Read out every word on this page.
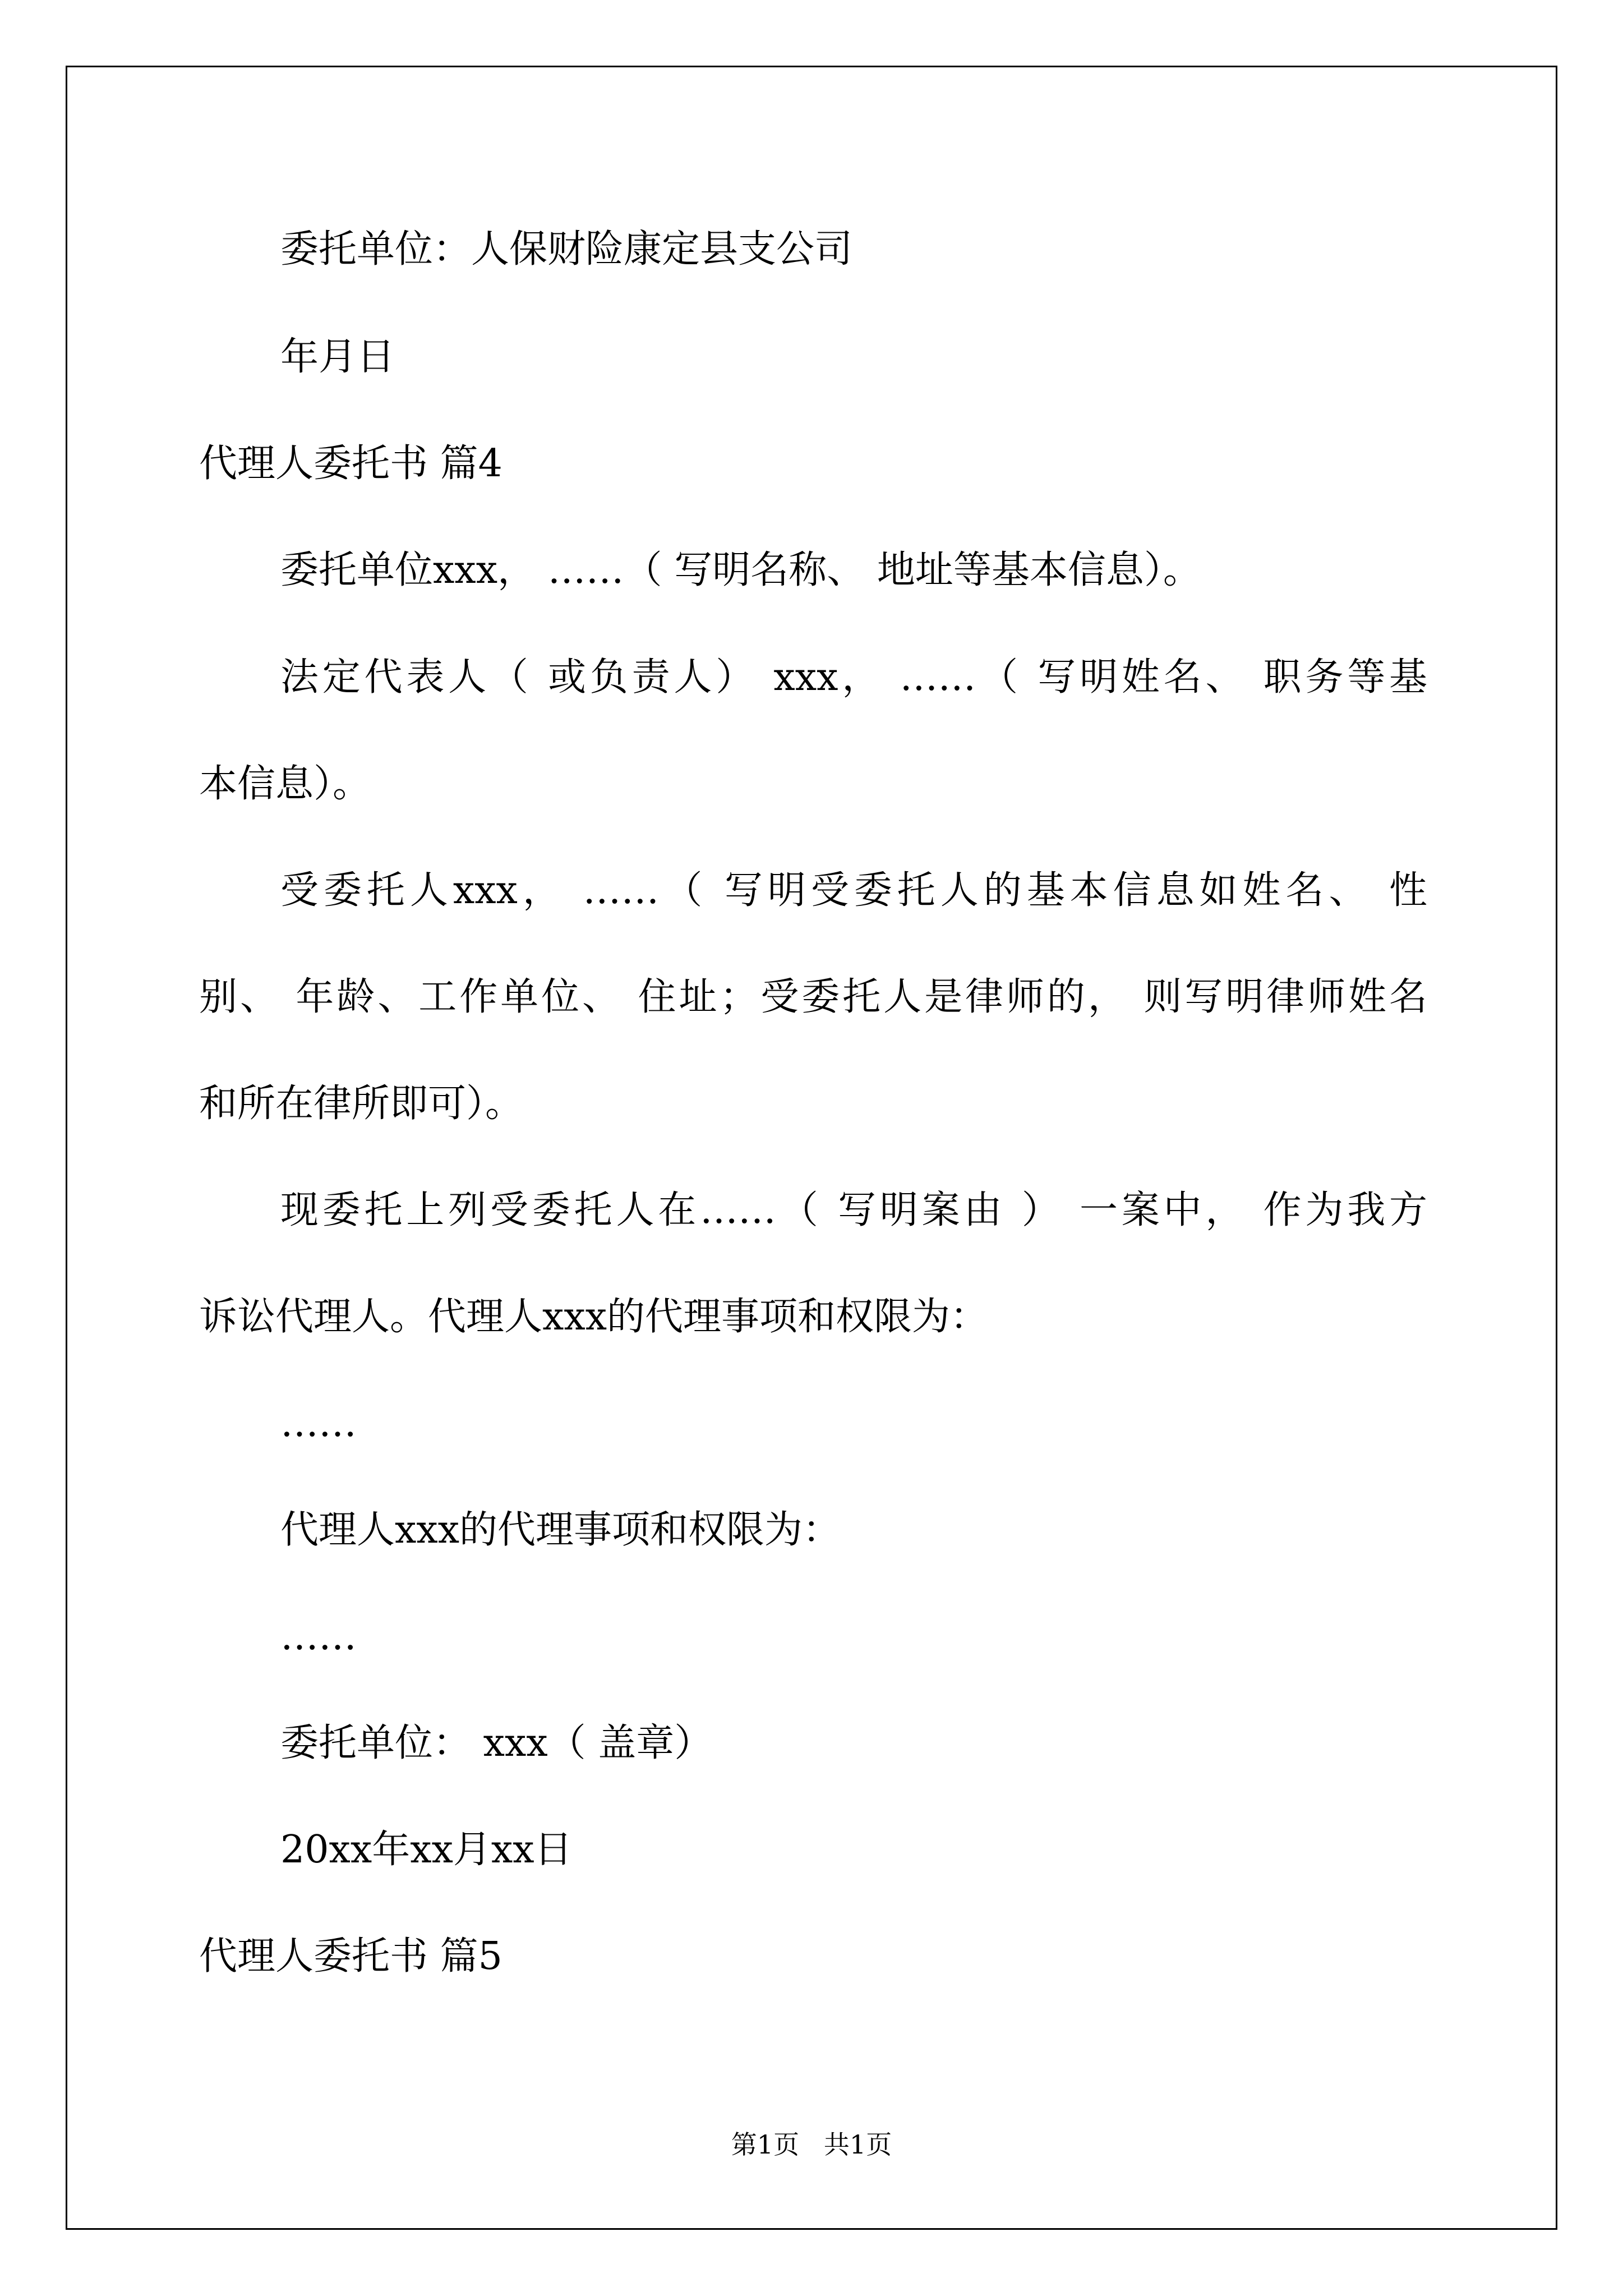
委托单位：人保财险康定县支公司

年月日

代理人委托书 篇4

委托单位xxx， ……（ 写明名称、 地址等基本信息）。

法定代表人（ 或负责人） xxx， ……（ 写明姓名、 职务等基

本信息）。

受委托人xxx， ……（ 写明受委托人的基本信息如姓名、 性

别、 年龄、工作单位、 住址；受委托人是律师的， 则写明律师姓名

和所在律所即可）。

现委托上列受委托人在……（ 写明案由 ） 一案中， 作为我方

诉讼代理人。代理人xxx的代理事项和权限为：

……

代理人xxx的代理事项和权限为：

……

委托单位： xxx（ 盖章）

20xx年xx月xx日

代理人委托书 篇5

第1页   共1页
